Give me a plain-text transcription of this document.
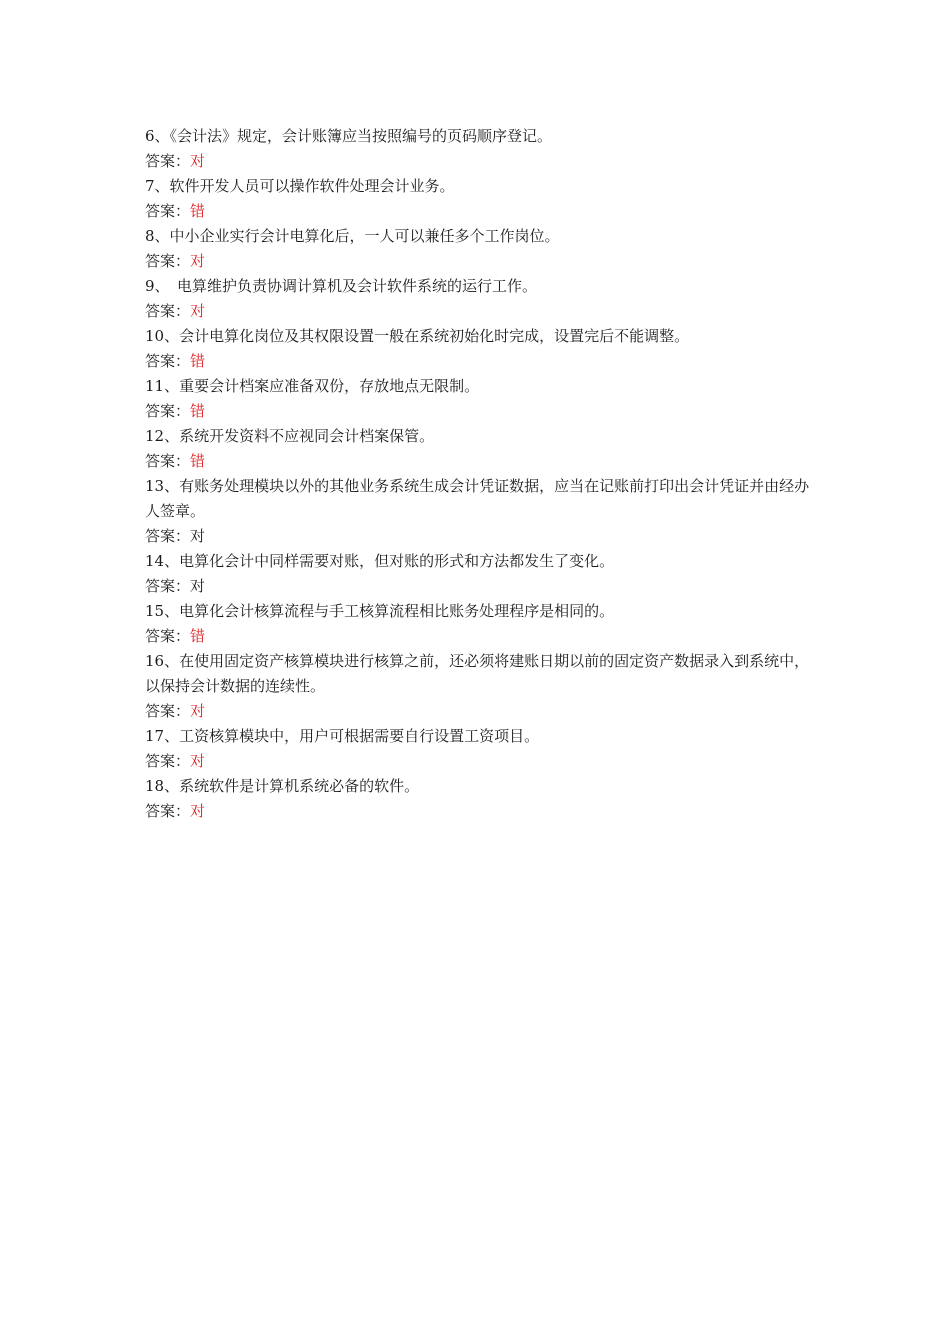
6、《会计法》规定，会计账簿应当按照编号的页码顺序登记。

答案：对

7、软件开发人员可以操作软件处理会计业务。

答案：错

8、中小企业实行会计电算化后，一人可以兼任多个工作岗位。

答案：对

9、　电算维护负责协调计算机及会计软件系统的运行工作。

答案：对

10、会计电算化岗位及其权限设置一般在系统初始化时完成，设置完后不能调整。

答案：错

11、重要会计档案应准备双份，存放地点无限制。

答案：错

12、系统开发资料不应视同会计档案保管。

答案：错

13、有账务处理模块以外的其他业务系统生成会计凭证数据，应当在记账前打印出会计凭证并由经办人签章。

答案：对

14、电算化会计中同样需要对账，但对账的形式和方法都发生了变化。

答案：对

15、电算化会计核算流程与手工核算流程相比账务处理程序是相同的。

答案：错

16、在使用固定资产核算模块进行核算之前，还必须将建账日期以前的固定资产数据录入到系统中，以保持会计数据的连续性。

答案：对

17、工资核算模块中，用户可根据需要自行设置工资项目。

答案：对

18、系统软件是计算机系统必备的软件。

答案：对
